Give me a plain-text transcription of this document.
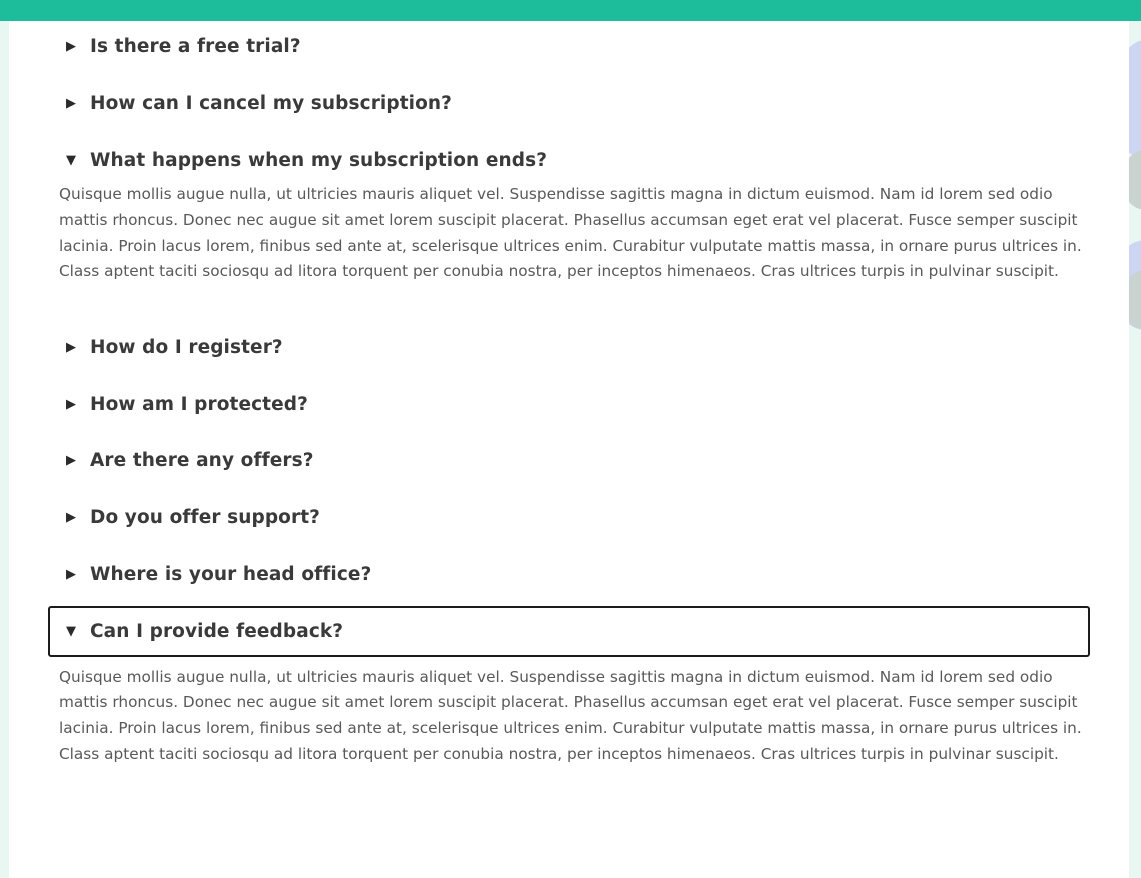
▶ Is there a free trial?
▶ How can I cancel my subscription?
▼ What happens when my subscription ends?
Quisque mollis augue nulla, ut ultricies mauris aliquet vel. Suspendisse sagittis magna in dictum euismod. Nam id lorem sed odio mattis rhoncus. Donec nec augue sit amet lorem suscipit placerat. Phasellus accumsan eget erat vel placerat. Fusce semper suscipit lacinia. Proin lacus lorem, finibus sed ante at, scelerisque ultrices enim. Curabitur vulputate mattis massa, in ornare purus ultrices in. Class aptent taciti sociosqu ad litora torquent per conubia nostra, per inceptos himenaeos. Cras ultrices turpis in pulvinar suscipit.
▶ How do I register?
▶ How am I protected?
▶ Are there any offers?
▶ Do you offer support?
▶ Where is your head office?
▼ Can I provide feedback?
Quisque mollis augue nulla, ut ultricies mauris aliquet vel. Suspendisse sagittis magna in dictum euismod. Nam id lorem sed odio mattis rhoncus. Donec nec augue sit amet lorem suscipit placerat. Phasellus accumsan eget erat vel placerat. Fusce semper suscipit lacinia. Proin lacus lorem, finibus sed ante at, scelerisque ultrices enim. Curabitur vulputate mattis massa, in ornare purus ultrices in. Class aptent taciti sociosqu ad litora torquent per conubia nostra, per inceptos himenaeos. Cras ultrices turpis in pulvinar suscipit.
